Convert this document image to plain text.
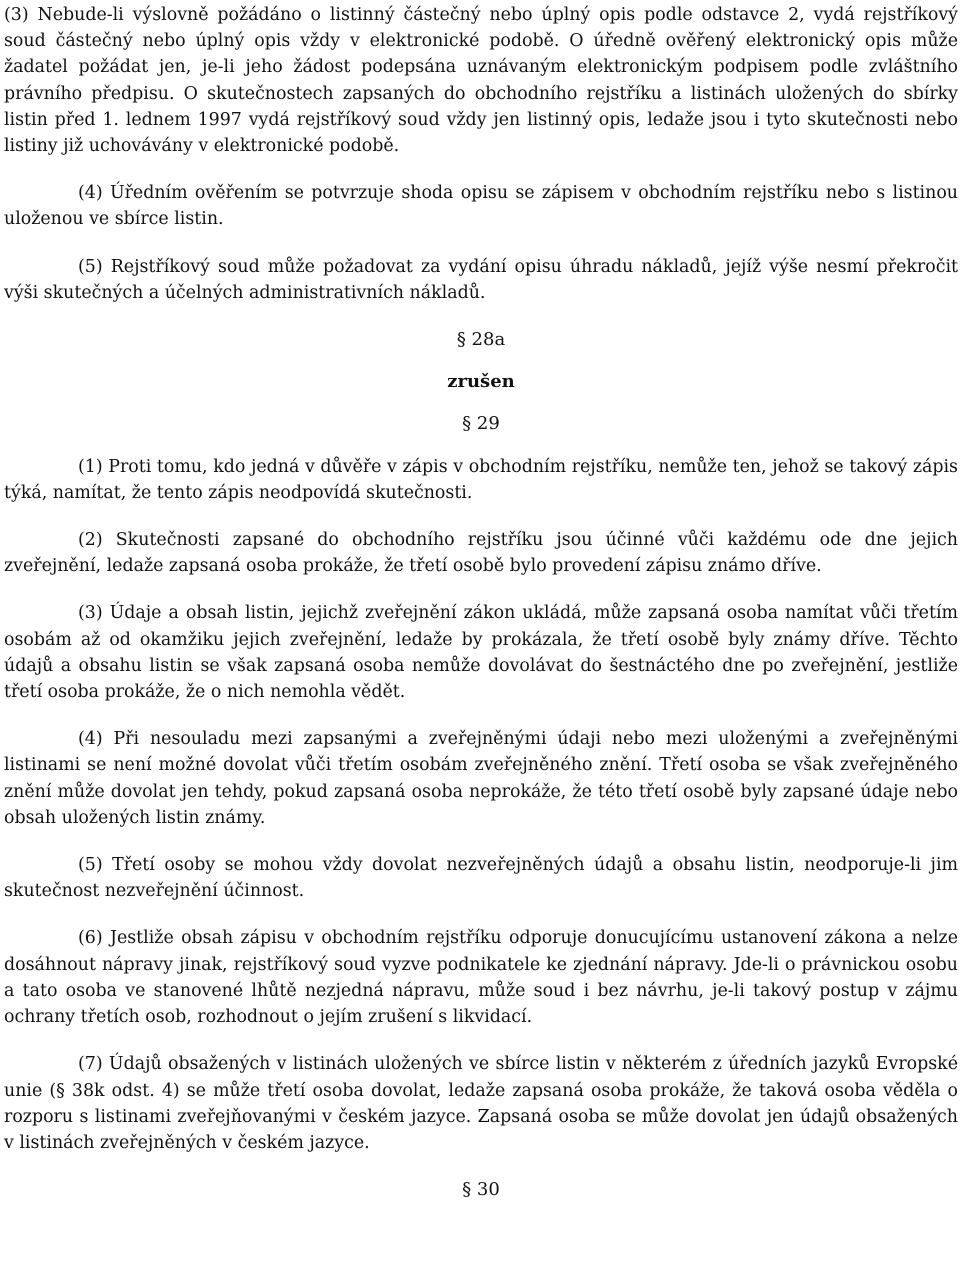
(3) Nebude-li výslovně požádáno o listinný částečný nebo úplný opis podle odstavce 2, vydá rejstříkový soud částečný nebo úplný opis vždy v elektronické podobě. O úředně ověřený elektronický opis může žadatel požádat jen, je-li jeho žádost podepsána uznávaným elektronickým podpisem podle zvláštního právního předpisu. O skutečnostech zapsaných do obchodního rejstříku a listinách uložených do sbírky listin před 1. lednem 1997 vydá rejstříkový soud vždy jen listinný opis, ledaže jsou i tyto skutečnosti nebo listiny již uchovávány v elektronické podobě.

(4) Úředním ověřením se potvrzuje shoda opisu se zápisem v obchodním rejstříku nebo s listinou uloženou ve sbírce listin.

(5) Rejstříkový soud může požadovat za vydání opisu úhradu nákladů, jejíž výše nesmí překročit výši skutečných a účelných administrativních nákladů.

§ 28a
zrušen
§ 29

(1) Proti tomu, kdo jedná v důvěře v zápis v obchodním rejstříku, nemůže ten, jehož se takový zápis týká, namítat, že tento zápis neodpovídá skutečnosti.

(2) Skutečnosti zapsané do obchodního rejstříku jsou účinné vůči každému ode dne jejich zveřejnění, ledaže zapsaná osoba prokáže, že třetí osobě bylo provedení zápisu známo dříve.

(3) Údaje a obsah listin, jejichž zveřejnění zákon ukládá, může zapsaná osoba namítat vůči třetím osobám až od okamžiku jejich zveřejnění, ledaže by prokázala, že třetí osobě byly známy dříve. Těchto údajů a obsahu listin se však zapsaná osoba nemůže dovolávat do šestnáctého dne po zveřejnění, jestliže třetí osoba prokáže, že o nich nemohla vědět.

(4) Při nesouladu mezi zapsanými a zveřejněnými údaji nebo mezi uloženými a zveřejněnými listinami se není možné dovolat vůči třetím osobám zveřejněného znění. Třetí osoba se však zveřejněného znění může dovolat jen tehdy, pokud zapsaná osoba neprokáže, že této třetí osobě byly zapsané údaje nebo obsah uložených listin známy.

(5) Třetí osoby se mohou vždy dovolat nezveřejněných údajů a obsahu listin, neodporuje-li jim skutečnost nezveřejnění účinnost.

(6) Jestliže obsah zápisu v obchodním rejstříku odporuje donucujícímu ustanovení zákona a nelze dosáhnout nápravy jinak, rejstříkový soud vyzve podnikatele ke zjednání nápravy. Jde-li o právnickou osobu a tato osoba ve stanovené lhůtě nezjedná nápravu, může soud i bez návrhu, je-li takový postup v zájmu ochrany třetích osob, rozhodnout o jejím zrušení s likvidací.

(7) Údajů obsažených v listinách uložených ve sbírce listin v některém z úředních jazyků Evropské unie (§ 38k odst. 4) se může třetí osoba dovolat, ledaže zapsaná osoba prokáže, že taková osoba věděla o rozporu s listinami zveřejňovanými v českém jazyce. Zapsaná osoba se může dovolat jen údajů obsažených v listinách zveřejněných v českém jazyce.

§ 30
